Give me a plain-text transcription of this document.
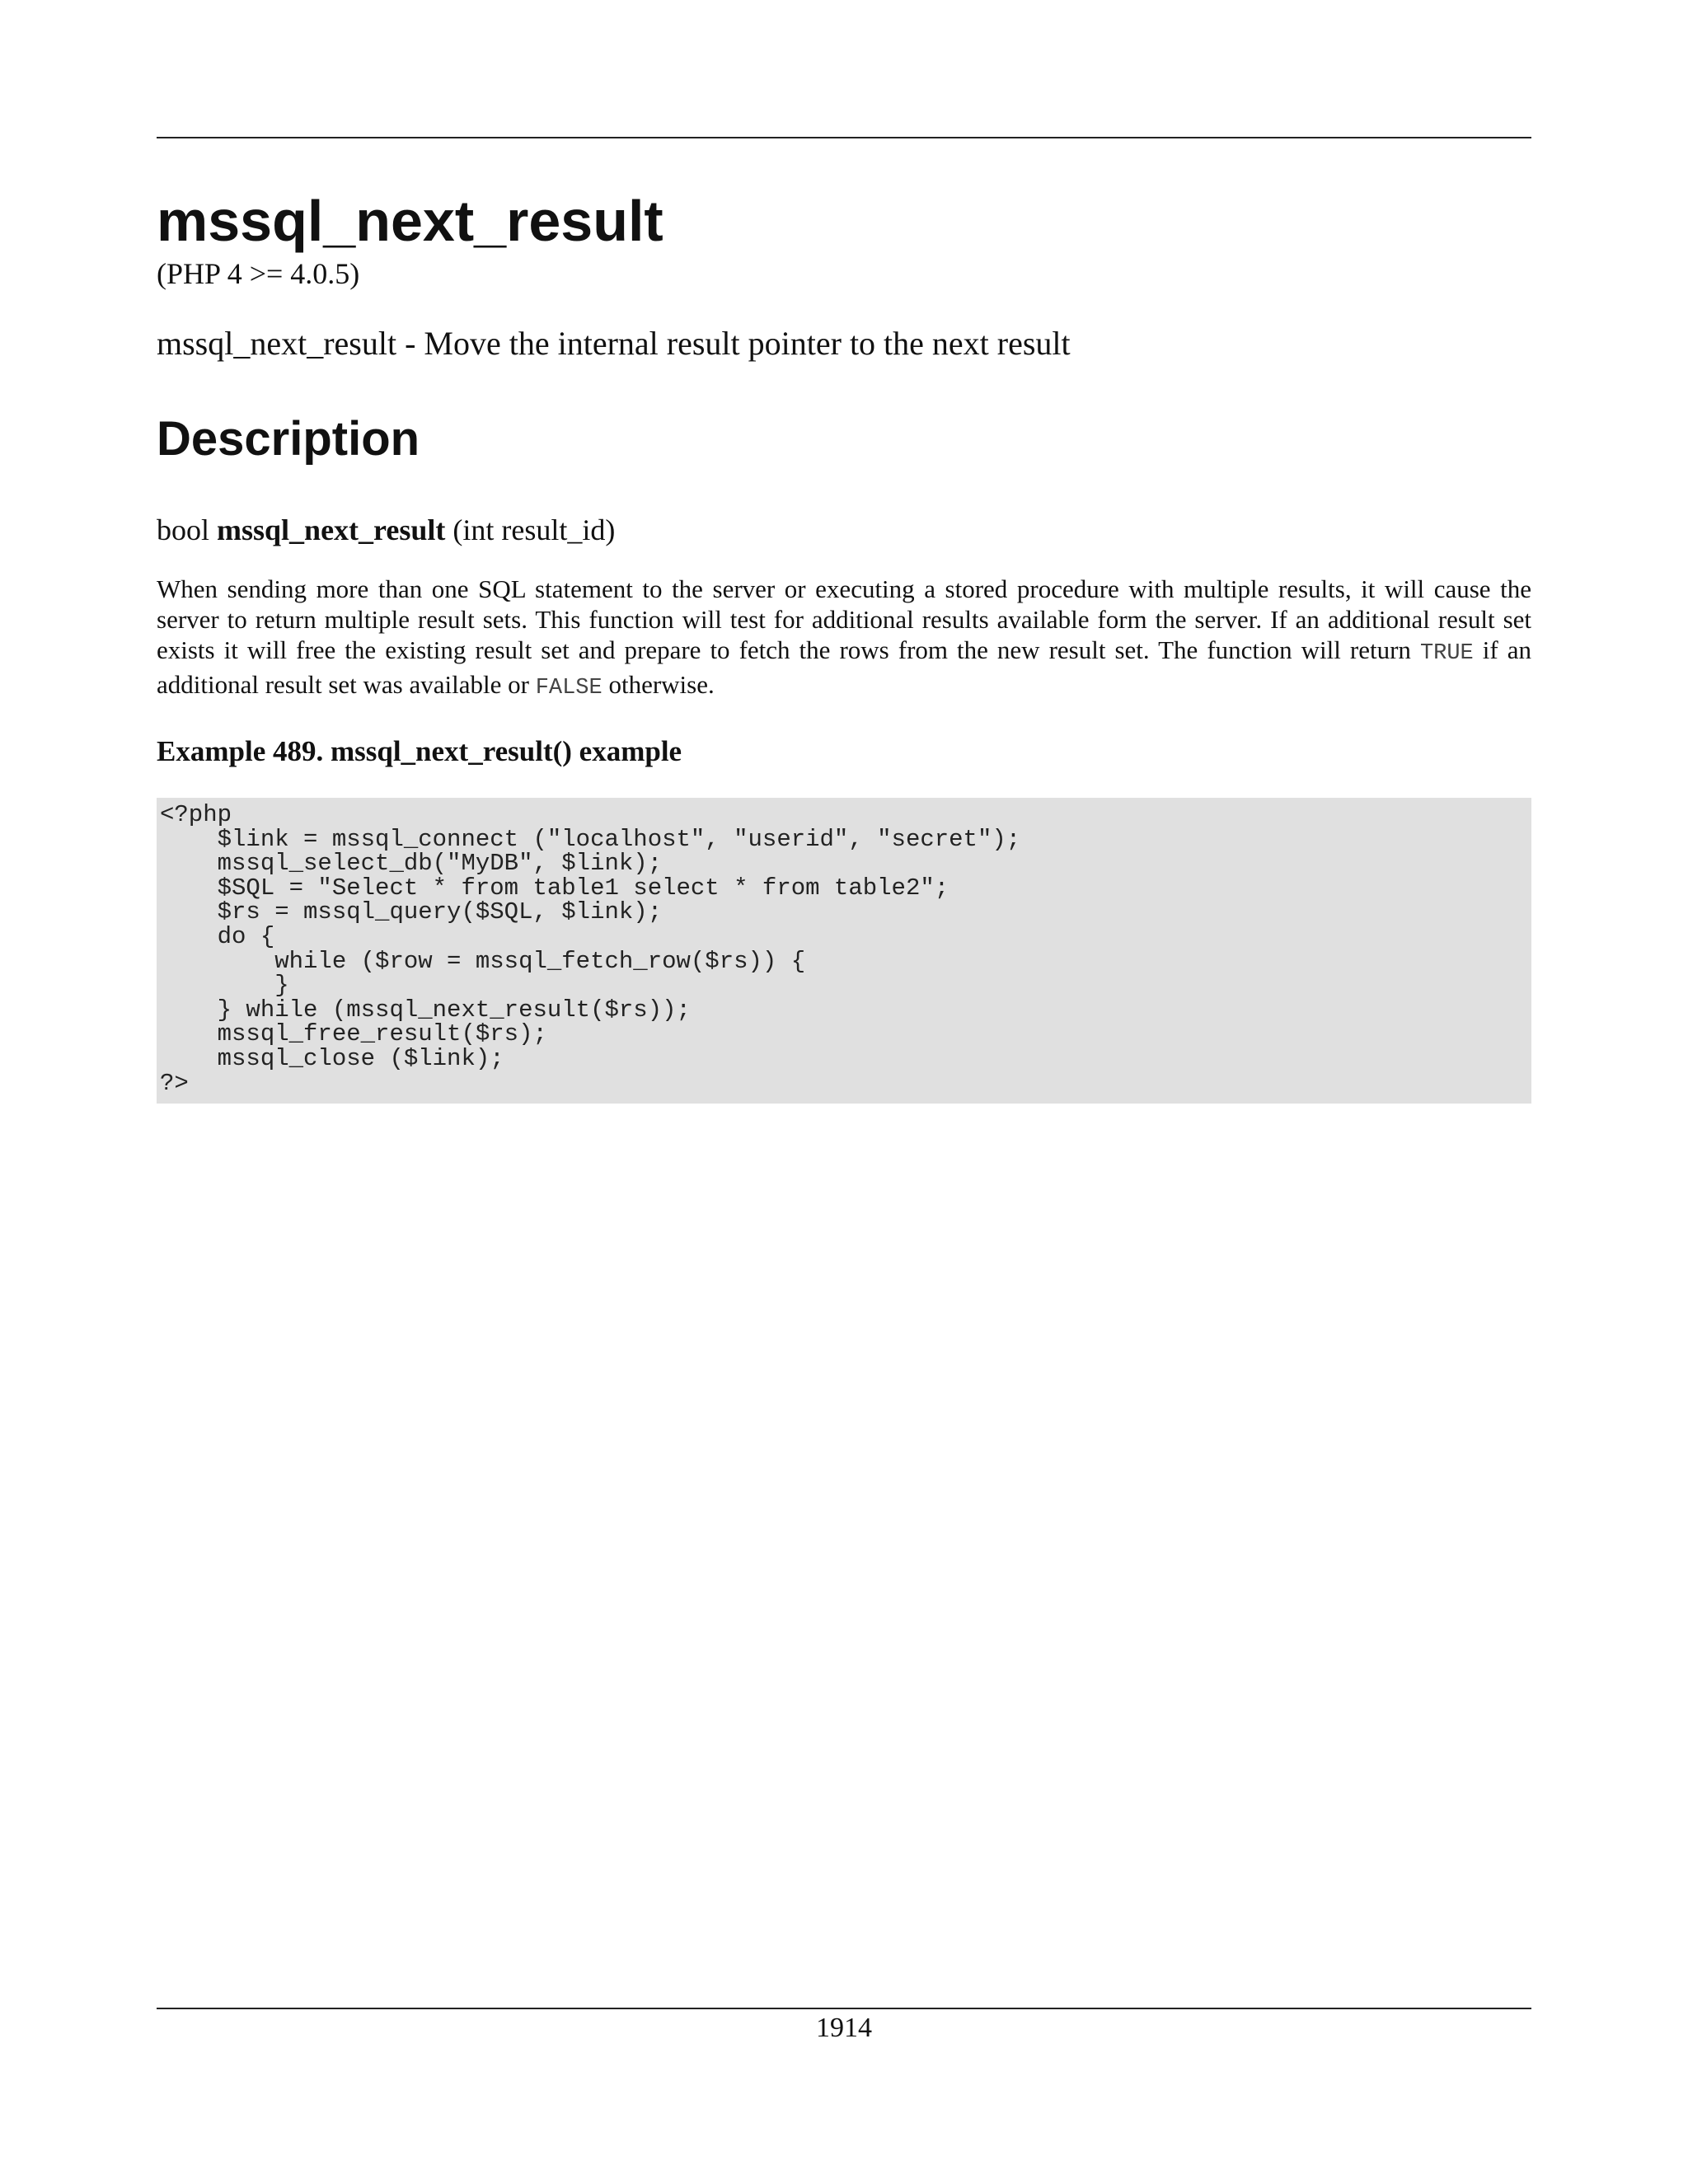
mssql_next_result

(PHP 4 >= 4.0.5)

mssql_next_result - Move the internal result pointer to the next result

Description

bool mssql_next_result (int result_id)

When sending more than one SQL statement to the server or executing a stored procedure with multiple results, it will cause the server to return multiple result sets. This function will test for additional results available form the server. If an additional result set exists it will free the existing result set and prepare to fetch the rows from the new result set. The function will return TRUE if an additional result set was available or FALSE otherwise.

Example 489. mssql_next_result() example

<?php
$link = mssql_connect ("localhost", "userid", "secret");
mssql_select_db("MyDB", $link);
$SQL = "Select * from table1 select * from table2";
$rs = mssql_query($SQL, $link);
do {
while ($row = mssql_fetch_row($rs)) {
}
} while (mssql_next_result($rs));
mssql_free_result($rs);
mssql_close ($link);
?>
1914
